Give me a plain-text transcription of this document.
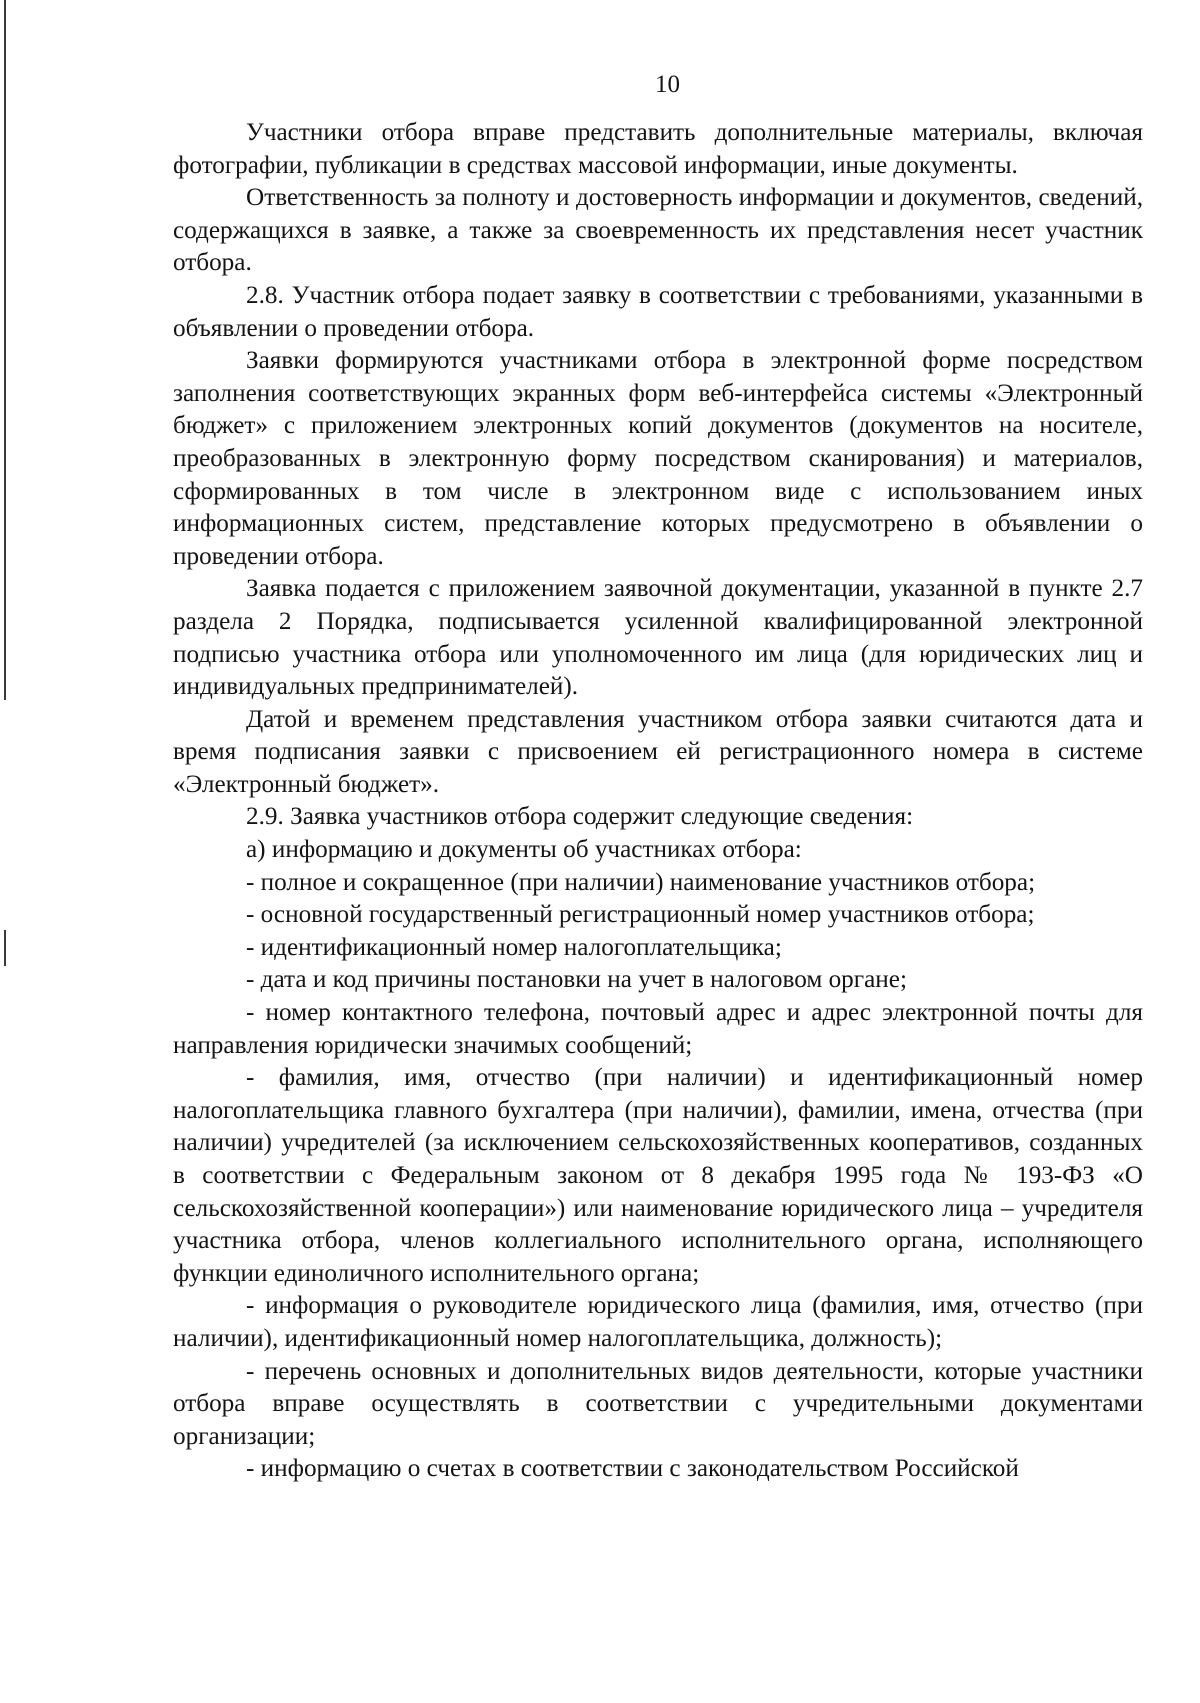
10

Участники отбора вправе представить дополнительные материалы, включая фотографии, публикации в средствах массовой информации, иные документы.

Ответственность за полноту и достоверность информации и документов, сведений, содержащихся в заявке, а также за своевременность их представления несет участник отбора.

2.8. Участник отбора подает заявку в соответствии с требованиями, указанными в объявлении о проведении отбора.

Заявки формируются участниками отбора в электронной форме посредством заполнения соответствующих экранных форм веб-интерфейса системы «Электронный бюджет» с приложением электронных копий документов (документов на носителе, преобразованных в электронную форму посредством сканирования) и материалов, сформированных в том числе в электронном виде с использованием иных информационных систем, представление которых предусмотрено в объявлении о проведении отбора.

Заявка подается с приложением заявочной документации, указанной в пункте 2.7 раздела 2 Порядка, подписывается усиленной квалифицированной электронной подписью участника отбора или уполномоченного им лица (для юридических лиц и индивидуальных предпринимателей).

Датой и временем представления участником отбора заявки считаются дата и время подписания заявки с присвоением ей регистрационного номера в системе «Электронный бюджет».

2.9. Заявка участников отбора содержит следующие сведения:

а) информацию и документы об участниках отбора:

- полное и сокращенное (при наличии) наименование участников отбора;

- основной государственный регистрационный номер участников отбора;

- идентификационный номер налогоплательщика;

- дата и код причины постановки на учет в налоговом органе;

- номер контактного телефона, почтовый адрес и адрес электронной почты для направления юридически значимых сообщений;

- фамилия, имя, отчество (при наличии) и идентификационный номер налогоплательщика главного бухгалтера (при наличии), фамилии, имена, отчества (при наличии) учредителей (за исключением сельскохозяйственных кооперативов, созданных в соответствии с Федеральным законом от 8 декабря 1995 года № 193-ФЗ «О сельскохозяйственной кооперации») или наименование юридического лица – учредителя участника отбора, членов коллегиального исполнительного органа, исполняющего функции единоличного исполнительного органа;

- информация о руководителе юридического лица (фамилия, имя, отчество (при наличии), идентификационный номер налогоплательщика, должность);

- перечень основных и дополнительных видов деятельности, которые участники отбора вправе осуществлять в соответствии с учредительными документами организации;

- информацию о счетах в соответствии с законодательством Российской
